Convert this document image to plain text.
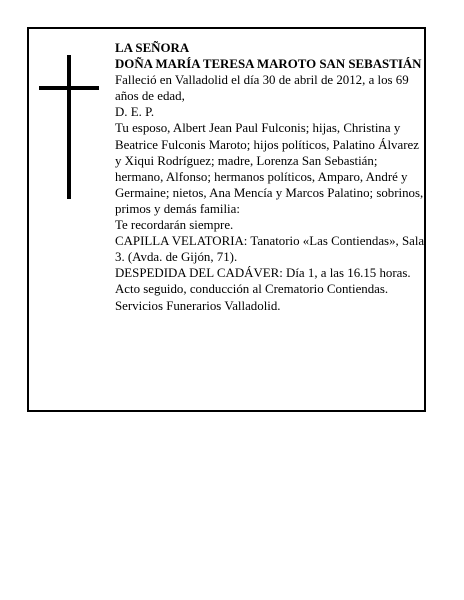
LA SEÑORA

DOÑA MARÍA TERESA MAROTO SAN SEBASTIÁN

Falleció en Valladolid el día 30 de abril de 2012, a los 69 años de edad,

D. E. P.

Tu esposo, Albert Jean Paul Fulconis; hijas, Christina y Beatrice Fulconis Maroto; hijos políticos, Palatino Álvarez y Xiqui Rodríguez; madre, Lorenza San Sebastián; hermano, Alfonso; hermanos políticos, Amparo, André y Germaine; nietos, Ana Mencía y Marcos Palatino; sobrinos, primos y demás familia:

Te recordarán siempre.

CAPILLA VELATORIA: Tanatorio «Las Contiendas», Sala 3. (Avda. de Gijón, 71).

DESPEDIDA DEL CADÁVER: Día 1, a las 16.15 horas. Acto seguido, conducción al Crematorio Contiendas.

Servicios Funerarios Valladolid.
